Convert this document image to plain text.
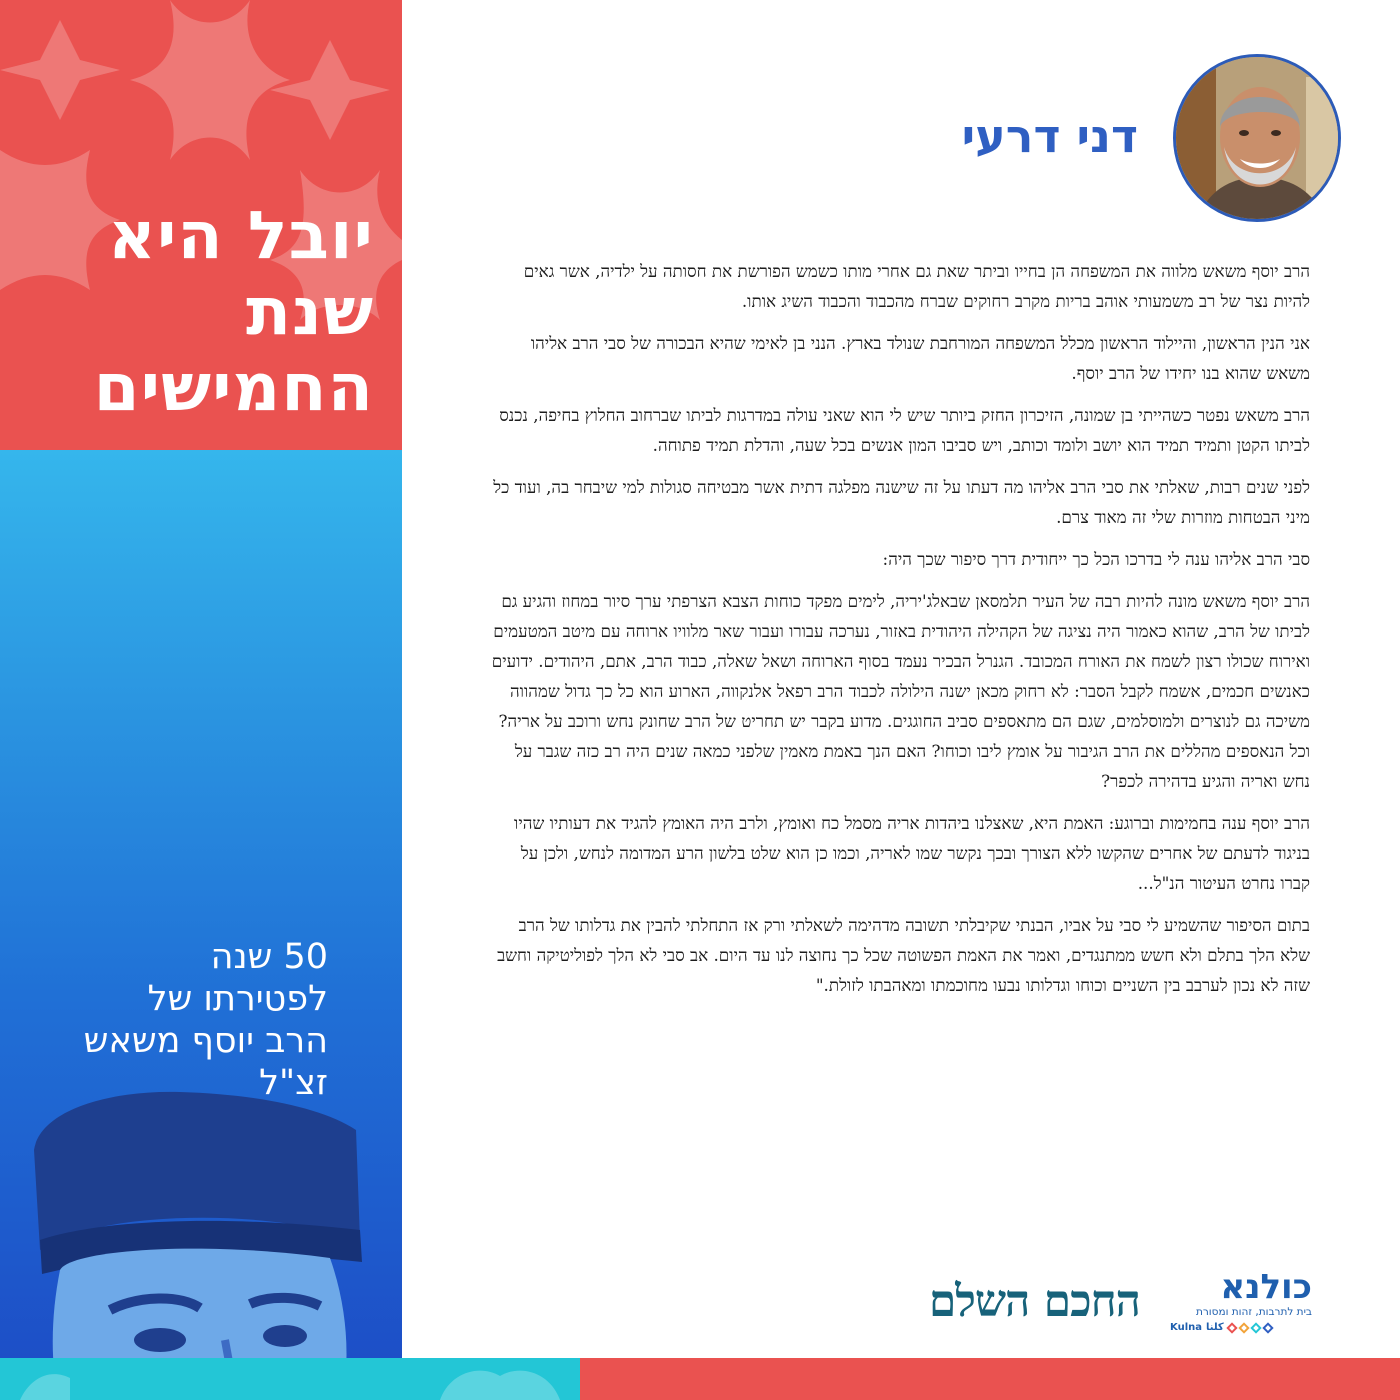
יובל היא
שנת
החמישים
50 שנה
לפטירתו של
הרב יוסף משאש
זצ"ל
דני דרעי

הרב יוסף משאש מלווה את המשפחה הן בחייו וביתר שאת גם אחרי מותו כשמש הפורשת את חסותה על ילדיה, אשר גאים להיות נצר של רב משמעותי אוהב בריות מקרב רחוקים שברח מהכבוד והכבוד השיג אותו.

אני הנין הראשון, והיילוד הראשון מכלל המשפחה המורחבת שנולד בארץ. הנני בן לאימי שהיא הבכורה של סבי הרב אליהו משאש שהוא בנו יחידו של הרב יוסף.

הרב משאש נפטר כשהייתי בן שמונה, הזיכרון החזק ביותר שיש לי הוא שאני עולה במדרגות לביתו שברחוב החלוץ בחיפה, נכנס לביתו הקטן ותמיד תמיד הוא יושב ולומד וכותב, ויש סביבו המון אנשים בכל שעה, והדלת תמיד פתוחה.

לפני שנים רבות, שאלתי את סבי הרב אליהו מה דעתו על זה שישנה מפלגה דתית אשר מבטיחה סגולות למי שיבחר בה, ועוד כל מיני הבטחות מוזרות שלי זה מאוד צרם.

סבי הרב אליהו ענה לי בדרכו הכל כך ייחודית דרך סיפור שכך היה:

הרב יוסף משאש מונה להיות רבה של העיר תלמסאן שבאלג'יריה, לימים מפקד כוחות הצבא הצרפתי ערך סיור במחוז והגיע גם לביתו של הרב, שהוא כאמור היה נציגה של הקהילה היהודית באזור, נערכה עבורו ועבור שאר מלוויו ארוחה עם מיטב המטעמים ואירוח שכולו רצון לשמח את האורח המכובד. הגנרל הבכיר נעמד בסוף הארוחה ושאל שאלה, כבוד הרב, אתם, היהודים. ידועים כאנשים חכמים, אשמח לקבל הסבר: לא רחוק מכאן ישנה הילולה לכבוד הרב רפאל אלנקווה, הארוע הוא כל כך גדול שמהווה משיכה גם לנוצרים ולמוסלמים, שגם הם מתאספים סביב החוגגים. מדוע בקבר יש תחריט של הרב שחונק נחש ורוכב על אריה? וכל הנאספים מהללים את הרב הגיבור על אומץ ליבו וכוחו? האם הנך באמת מאמין שלפני כמאה שנים היה רב כזה שגבר על נחש ואריה והגיע בדהירה לכפר?

הרב יוסף ענה בחמימות וברוגע: האמת היא, שאצלנו ביהדות אריה מסמל כח ואומץ, ולרב היה האומץ להגיד את דעותיו שהיו בניגוד לדעתם של אחרים שהקשו ללא הצורך ובכך נקשר שמו לאריה, וכמו כן הוא שלט בלשון הרע המדומה לנחש, ולכן על קברו נחרט העיטור הנ"ל...

בתום הסיפור שהשמיע לי סבי על אביו, הבנתי שקיבלתי תשובה מדהימה לשאלתי ורק אז התחלתי להבין את גדלותו של הרב שלא הלך בתלם ולא חשש ממתנגדים, ואמר את האמת הפשוטה שכל כך נחוצה לנו עד היום. אב סבי לא הלך לפוליטיקה וחשב שזה לא נכון לערבב בין השניים וכוחו וגדלותו נבעו מחוכמתו ומאהבתו לזולת."

החכם השלם	כולנא
בית לתרבות, זהות ומסורת
Kulna كلنا
